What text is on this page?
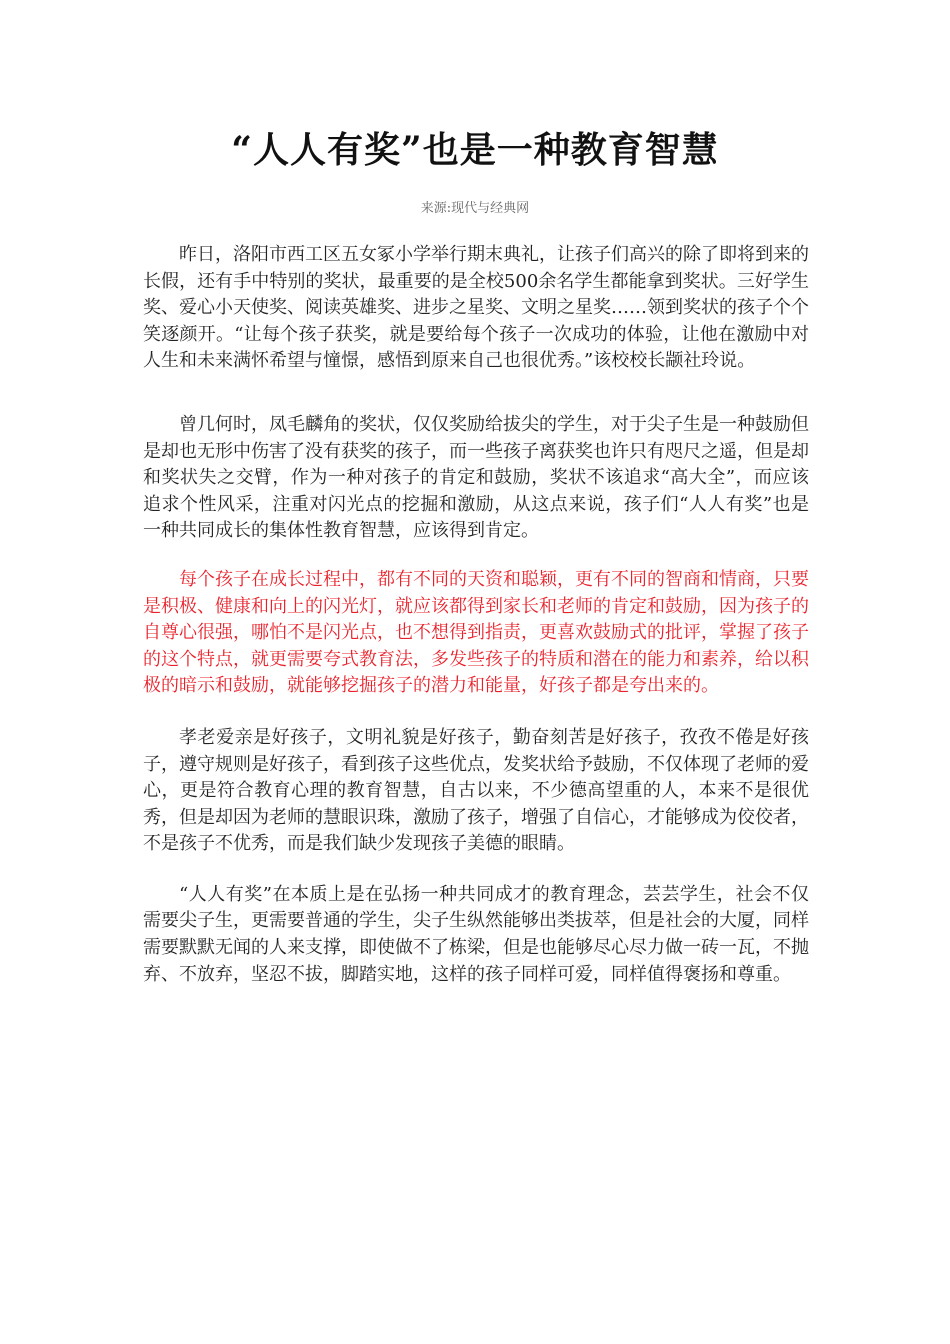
“人人有奖”也是一种教育智慧

来源:现代与经典网

昨日，洛阳市西工区五女冢小学举行期末典礼，让孩子们高兴的除了即将到来的长假，还有手中特别的奖状，最重要的是全校500余名学生都能拿到奖状。三好学生奖、爱心小天使奖、阅读英雄奖、进步之星奖、文明之星奖……领到奖状的孩子个个笑逐颜开。“让每个孩子获奖，就是要给每个孩子一次成功的体验，让他在激励中对人生和未来满怀希望与憧憬，感悟到原来自己也很优秀。”该校校长颛社玲说。

曾几何时，凤毛麟角的奖状，仅仅奖励给拔尖的学生，对于尖子生是一种鼓励但是却也无形中伤害了没有获奖的孩子，而一些孩子离获奖也许只有咫尺之遥，但是却和奖状失之交臂，作为一种对孩子的肯定和鼓励，奖状不该追求“高大全”，而应该追求个性风采，注重对闪光点的挖掘和激励，从这点来说，孩子们“人人有奖”也是一种共同成长的集体性教育智慧，应该得到肯定。

每个孩子在成长过程中，都有不同的天资和聪颖，更有不同的智商和情商，只要是积极、健康和向上的闪光灯，就应该都得到家长和老师的肯定和鼓励，因为孩子的自尊心很强，哪怕不是闪光点，也不想得到指责，更喜欢鼓励式的批评，掌握了孩子的这个特点，就更需要夸式教育法，多发些孩子的特质和潜在的能力和素养，给以积极的暗示和鼓励，就能够挖掘孩子的潜力和能量，好孩子都是夸出来的。

孝老爱亲是好孩子，文明礼貌是好孩子，勤奋刻苦是好孩子，孜孜不倦是好孩子，遵守规则是好孩子，看到孩子这些优点，发奖状给予鼓励，不仅体现了老师的爱心，更是符合教育心理的教育智慧，自古以来，不少德高望重的人，本来不是很优秀，但是却因为老师的慧眼识珠，激励了孩子，增强了自信心，才能够成为佼佼者，不是孩子不优秀，而是我们缺少发现孩子美德的眼睛。

“人人有奖”在本质上是在弘扬一种共同成才的教育理念，芸芸学生，社会不仅需要尖子生，更需要普通的学生，尖子生纵然能够出类拔萃，但是社会的大厦，同样需要默默无闻的人来支撑，即使做不了栋梁，但是也能够尽心尽力做一砖一瓦，不抛弃、不放弃，坚忍不拔，脚踏实地，这样的孩子同样可爱，同样值得褒扬和尊重。
